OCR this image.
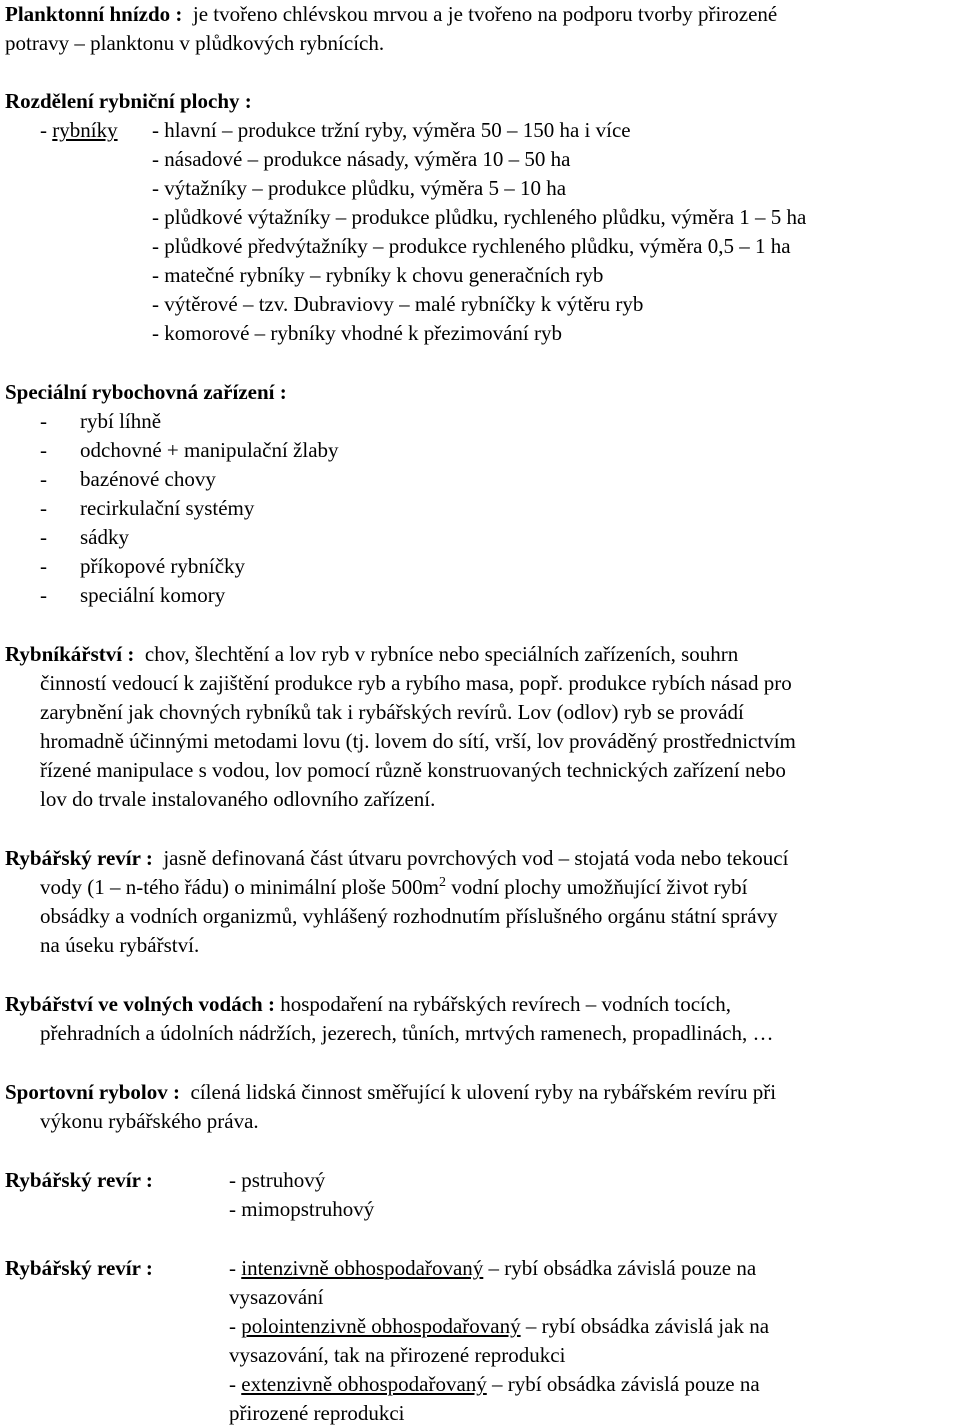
Planktonní hnízdo : je tvořeno chlévskou mrvou a je tvořeno na podporu tvorby přirozené
potravy – planktonu v plůdkových rybnících.
Rozdělení rybniční plochy :
- rybníky - hlavní – produkce tržní ryby, výměra 50 – 150 ha i více
- násadové – produkce násady, výměra 10 – 50 ha
- výtažníky – produkce plůdku, výměra 5 – 10 ha
- plůdkové výtažníky – produkce plůdku, rychleného plůdku, výměra 1 – 5 ha
- plůdkové předvýtažníky – produkce rychleného plůdku, výměra 0,5 – 1 ha
- matečné rybníky – rybníky k chovu generačních ryb
- výtěrové – tzv. Dubraviovy – malé rybníčky k výtěru ryb
- komorové – rybníky vhodné k přezimování ryb
Speciální rybochovná zařízení :
- rybí líhně
- odchovné + manipulační žlaby
- bazénové chovy
- recirkulační systémy
- sádky
- příkopové rybníčky
- speciální komory
Rybníkářství : chov, šlechtění a lov ryb v rybníce nebo speciálních zařízeních, souhrn
činností vedoucí k zajištění produkce ryb a rybího masa, popř. produkce rybích násad pro
zarybnění jak chovných rybníků tak i rybářských revírů. Lov (odlov) ryb se provádí
hromadně účinnými metodami lovu (tj. lovem do sítí, vrší, lov prováděný prostřednictvím
řízené manipulace s vodou, lov pomocí různě konstruovaných technických zařízení nebo
lov do trvale instalovaného odlovního zařízení.
Rybářský revír : jasně definovaná část útvaru povrchových vod – stojatá voda nebo tekoucí
vody (1 – n-tého řádu) o minimální ploše $500m^2$ vodní plochy umožňující život rybí
obsádky a vodních organizmů, vyhlášený rozhodnutím příslušného orgánu státní správy
na úseku rybářství.
Rybářství ve volných vodách : hospodaření na rybářských revírech – vodních tocích,
přehradních a údolních nádržích, jezerech, tůních, mrtvých ramenech, propadlinách, …
Sportovní rybolov : cílená lidská činnost směřující k ulovení ryby na rybářském revíru při
výkonu rybářského práva.
Rybářský revír :	- pstruhový
- mimopstruhový
Rybářský revír :	- intenzivně obhospodařovaný – rybí obsádka závislá pouze na
vysazování
- polointenzivně obhospodařovaný – rybí obsádka závislá jak na
vysazování, tak na přirozené reprodukci
- extenzivně obhospodařovaný – rybí obsádka závislá pouze na
přirozené reprodukci
